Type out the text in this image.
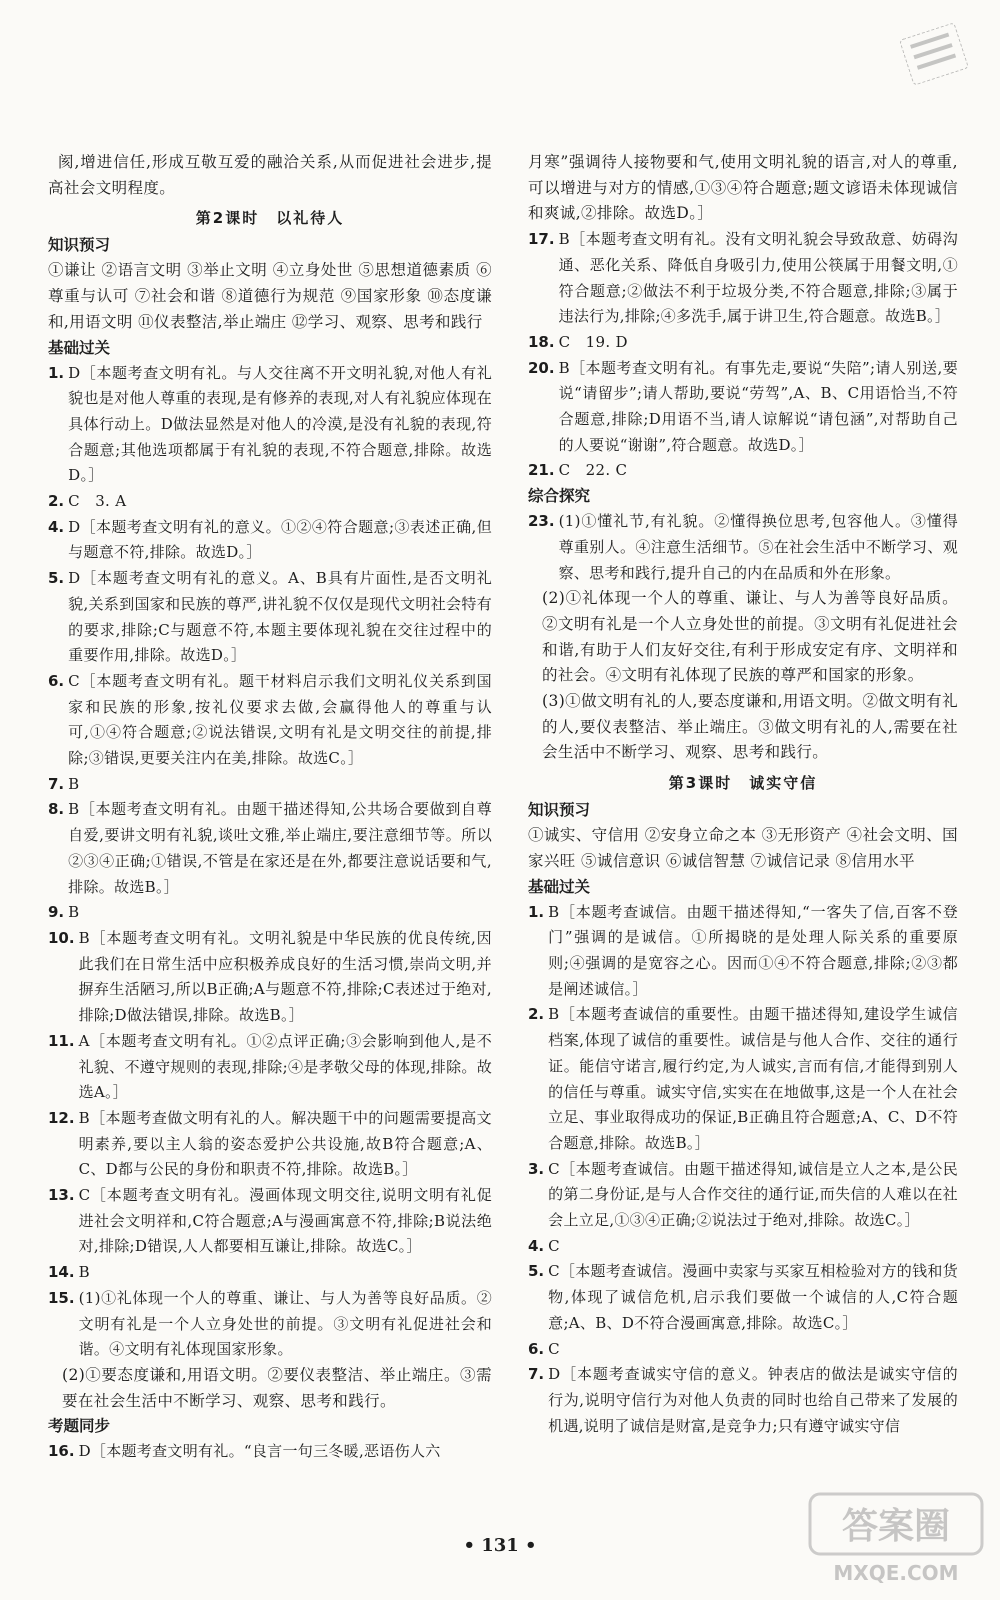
阂,增进信任,形成互敬互爱的融洽关系,从而促进社会进步,提高社会文明程度。

第2课时　以礼待人
知识预习

①谦让 ②语言文明 ③举止文明 ④立身处世 ⑤思想道德素质 ⑥尊重与认可 ⑦社会和谐 ⑧道德行为规范 ⑨国家形象 ⑩态度谦和,用语文明 ⑪仪表整洁,举止端庄 ⑫学习、观察、思考和践行

基础过关
1. D［本题考查文明有礼。与人交往离不开文明礼貌,对他人有礼貌也是对他人尊重的表现,是有修养的表现,对人有礼貌应体现在具体行动上。D做法显然是对他人的冷漠,是没有礼貌的表现,符合题意;其他选项都属于有礼貌的表现,不符合题意,排除。故选D。］
2. C　3. A
4. D［本题考查文明有礼的意义。①②④符合题意;③表述正确,但与题意不符,排除。故选D。］
5. D［本题考查文明有礼的意义。A、B具有片面性,是否文明礼貌,关系到国家和民族的尊严,讲礼貌不仅仅是现代文明社会特有的要求,排除;C与题意不符,本题主要体现礼貌在交往过程中的重要作用,排除。故选D。］
6. C［本题考查文明有礼。题干材料启示我们文明礼仪关系到国家和民族的形象,按礼仪要求去做,会赢得他人的尊重与认可,①④符合题意;②说法错误,文明有礼是文明交往的前提,排除;③错误,更要关注内在美,排除。故选C。］
7. B
8. B［本题考查文明有礼。由题干描述得知,公共场合要做到自尊自爱,要讲文明有礼貌,谈吐文雅,举止端庄,要注意细节等。所以②③④正确;①错误,不管是在家还是在外,都要注意说话要和气,排除。故选B。］
9. B
10. B［本题考查文明有礼。文明礼貌是中华民族的优良传统,因此我们在日常生活中应积极养成良好的生活习惯,崇尚文明,并摒弃生活陋习,所以B正确;A与题意不符,排除;C表述过于绝对,排除;D做法错误,排除。故选B。］
11. A［本题考查文明有礼。①②点评正确;③会影响到他人,是不礼貌、不遵守规则的表现,排除;④是孝敬父母的体现,排除。故选A。］
12. B［本题考查做文明有礼的人。解决题干中的问题需要提高文明素养,要以主人翁的姿态爱护公共设施,故B符合题意;A、C、D都与公民的身份和职责不符,排除。故选B。］
13. C［本题考查文明有礼。漫画体现文明交往,说明文明有礼促进社会文明祥和,C符合题意;A与漫画寓意不符,排除;B说法绝对,排除;D错误,人人都要相互谦让,排除。故选C。］
14. B
15. (1)①礼体现一个人的尊重、谦让、与人为善等良好品质。②文明有礼是一个人立身处世的前提。③文明有礼促进社会和谐。④文明有礼体现国家形象。

(2)①要态度谦和,用语文明。②要仪表整洁、举止端庄。③需要在社会生活中不断学习、观察、思考和践行。

考题同步
16. D［本题考查文明有礼。“良言一句三冬暖,恶语伤人六

月寒”强调待人接物要和气,使用文明礼貌的语言,对人的尊重,可以增进与对方的情感,①③④符合题意;题文谚语未体现诚信和爽诚,②排除。故选D。］

17. B［本题考查文明有礼。没有文明礼貌会导致敌意、妨碍沟通、恶化关系、降低自身吸引力,使用公筷属于用餐文明,①符合题意;②做法不利于垃圾分类,不符合题意,排除;③属于违法行为,排除;④多洗手,属于讲卫生,符合题意。故选B。］
18. C　19. D
20. B［本题考查文明有礼。有事先走,要说“失陪”;请人别送,要说“请留步”;请人帮助,要说“劳驾”,A、B、C用语恰当,不符合题意,排除;D用语不当,请人谅解说“请包涵”,对帮助自己的人要说“谢谢”,符合题意。故选D。］
21. C　22. C
综合探究
23. (1)①懂礼节,有礼貌。②懂得换位思考,包容他人。③懂得尊重别人。④注意生活细节。⑤在社会生活中不断学习、观察、思考和践行,提升自己的内在品质和外在形象。

(2)①礼体现一个人的尊重、谦让、与人为善等良好品质。②文明有礼是一个人立身处世的前提。③文明有礼促进社会和谐,有助于人们友好交往,有利于形成安定有序、文明祥和的社会。④文明有礼体现了民族的尊严和国家的形象。

(3)①做文明有礼的人,要态度谦和,用语文明。②做文明有礼的人,要仪表整洁、举止端庄。③做文明有礼的人,需要在社会生活中不断学习、观察、思考和践行。

第3课时　诚实守信
知识预习

①诚实、守信用 ②安身立命之本 ③无形资产 ④社会文明、国家兴旺 ⑤诚信意识 ⑥诚信智慧 ⑦诚信记录 ⑧信用水平

基础过关
1. B［本题考查诚信。由题干描述得知,“一客失了信,百客不登门”强调的是诚信。①所揭晓的是处理人际关系的重要原则;④强调的是宽容之心。因而①④不符合题意,排除;②③都是阐述诚信。］
2. B［本题考查诚信的重要性。由题干描述得知,建设学生诚信档案,体现了诚信的重要性。诚信是与他人合作、交往的通行证。能信守诺言,履行约定,为人诚实,言而有信,才能得到别人的信任与尊重。诚实守信,实实在在地做事,这是一个人在社会立足、事业取得成功的保证,B正确且符合题意;A、C、D不符合题意,排除。故选B。］
3. C［本题考查诚信。由题干描述得知,诚信是立人之本,是公民的第二身份证,是与人合作交往的通行证,而失信的人难以在社会上立足,①③④正确;②说法过于绝对,排除。故选C。］
4. C
5. C［本题考查诚信。漫画中卖家与买家互相检验对方的钱和货物,体现了诚信危机,启示我们要做一个诚信的人,C符合题意;A、B、D不符合漫画寓意,排除。故选C。］
6. C
7. D［本题考查诚实守信的意义。钟表店的做法是诚实守信的行为,说明守信行为对他人负责的同时也给自己带来了发展的机遇,说明了诚信是财富,是竞争力;只有遵守诚实守信
• 131 •	答案圈
MXQE.COM
